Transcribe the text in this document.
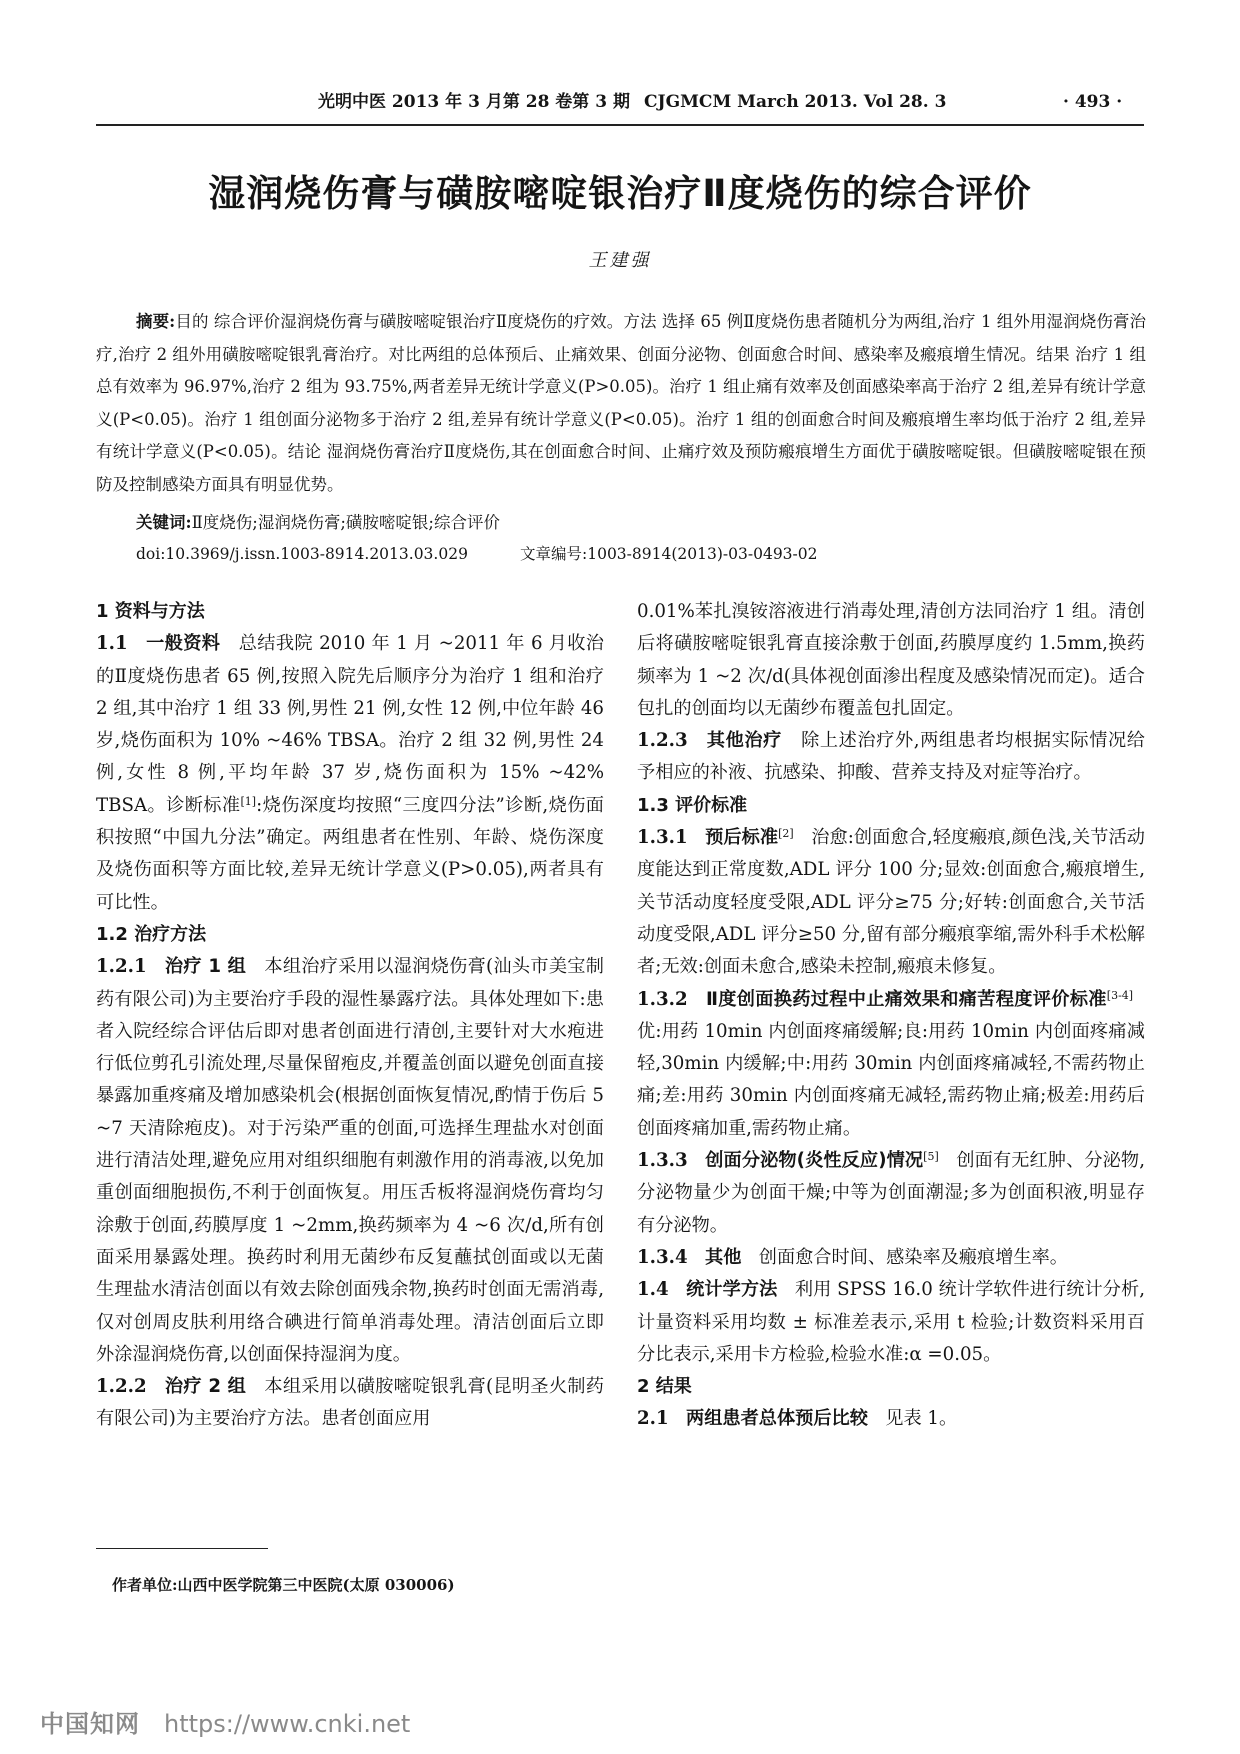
光明中医 2013 年 3 月第 28 卷第 3 期 CJGMCM March 2013. Vol 28. 3	· 493 ·
湿润烧伤膏与磺胺嘧啶银治疗Ⅱ度烧伤的综合评价
王建强
摘要:目的 综合评价湿润烧伤膏与磺胺嘧啶银治疗Ⅱ度烧伤的疗效。方法 选择 65 例Ⅱ度烧伤患者随机分为两组,治疗 1 组外用湿润烧伤膏治疗,治疗 2 组外用磺胺嘧啶银乳膏治疗。对比两组的总体预后、止痛效果、创面分泌物、创面愈合时间、感染率及瘢痕增生情况。结果 治疗 1 组总有效率为 96.97%,治疗 2 组为 93.75%,两者差异无统计学意义(P>0.05)。治疗 1 组止痛有效率及创面感染率高于治疗 2 组,差异有统计学意义(P<0.05)。治疗 1 组创面分泌物多于治疗 2 组,差异有统计学意义(P<0.05)。治疗 1 组的创面愈合时间及瘢痕增生率均低于治疗 2 组,差异有统计学意义(P<0.05)。结论 湿润烧伤膏治疗Ⅱ度烧伤,其在创面愈合时间、止痛疗效及预防瘢痕增生方面优于磺胺嘧啶银。但磺胺嘧啶银在预防及控制感染方面具有明显优势。
关键词:Ⅱ度烧伤;湿润烧伤膏;磺胺嘧啶银;综合评价
doi:10.3969/j.issn.1003-8914.2013.03.029	文章编号:1003-8914(2013)-03-0493-02

1 资料与方法

1.1 一般资料 总结我院 2010 年 1 月 ~2011 年 6 月收治的Ⅱ度烧伤患者 65 例,按照入院先后顺序分为治疗 1 组和治疗 2 组,其中治疗 1 组 33 例,男性 21 例,女性 12 例,中位年龄 46 岁,烧伤面积为 10% ~46% TBSA。治疗 2 组 32 例,男性 24 例,女性 8 例,平均年龄 37 岁,烧伤面积为 15% ~42% TBSA。诊断标准[1]:烧伤深度均按照“三度四分法”诊断,烧伤面积按照“中国九分法”确定。两组患者在性别、年龄、烧伤深度及烧伤面积等方面比较,差异无统计学意义(P>0.05),两者具有可比性。

1.2 治疗方法

1.2.1 治疗 1 组 本组治疗采用以湿润烧伤膏(汕头市美宝制药有限公司)为主要治疗手段的湿性暴露疗法。具体处理如下:患者入院经综合评估后即对患者创面进行清创,主要针对大水疱进行低位剪孔引流处理,尽量保留疱皮,并覆盖创面以避免创面直接暴露加重疼痛及增加感染机会(根据创面恢复情况,酌情于伤后 5 ~7 天清除疱皮)。对于污染严重的创面,可选择生理盐水对创面进行清洁处理,避免应用对组织细胞有刺激作用的消毒液,以免加重创面细胞损伤,不利于创面恢复。用压舌板将湿润烧伤膏均匀涂敷于创面,药膜厚度 1 ~2mm,换药频率为 4 ~6 次/d,所有创面采用暴露处理。换药时利用无菌纱布反复蘸拭创面或以无菌生理盐水清洁创面以有效去除创面残余物,换药时创面无需消毒,仅对创周皮肤利用络合碘进行简单消毒处理。清洁创面后立即外涂湿润烧伤膏,以创面保持湿润为度。

1.2.2 治疗 2 组 本组采用以磺胺嘧啶银乳膏(昆明圣火制药有限公司)为主要治疗方法。患者创面应用

0.01%苯扎溴铵溶液进行消毒处理,清创方法同治疗 1 组。清创后将磺胺嘧啶银乳膏直接涂敷于创面,药膜厚度约 1.5mm,换药频率为 1 ~2 次/d(具体视创面渗出程度及感染情况而定)。适合包扎的创面均以无菌纱布覆盖包扎固定。

1.2.3 其他治疗 除上述治疗外,两组患者均根据实际情况给予相应的补液、抗感染、抑酸、营养支持及对症等治疗。

1.3 评价标准

1.3.1 预后标准[2] 治愈:创面愈合,轻度瘢痕,颜色浅,关节活动度能达到正常度数,ADL 评分 100 分;显效:创面愈合,瘢痕增生,关节活动度轻度受限,ADL 评分≥75 分;好转:创面愈合,关节活动度受限,ADL 评分≥50 分,留有部分瘢痕挛缩,需外科手术松解者;无效:创面未愈合,感染未控制,瘢痕未修复。

1.3.2 Ⅱ度创面换药过程中止痛效果和痛苦程度评价标准[3-4]   优:用药 10min 内创面疼痛缓解;良:用药 10min 内创面疼痛减轻,30min 内缓解;中:用药 30min 内创面疼痛减轻,不需药物止痛;差:用药 30min 内创面疼痛无减轻,需药物止痛;极差:用药后创面疼痛加重,需药物止痛。

1.3.3 创面分泌物(炎性反应)情况[5] 创面有无红肿、分泌物,分泌物量少为创面干燥;中等为创面潮湿;多为创面积液,明显存有分泌物。

1.3.4 其他 创面愈合时间、感染率及瘢痕增生率。

1.4 统计学方法 利用 SPSS 16.0 统计学软件进行统计分析,计量资料采用均数 ± 标准差表示,采用 t 检验;计数资料采用百分比表示,采用卡方检验,检验水准:α =0.05。

2 结果

2.1 两组患者总体预后比较 见表 1。

作者单位:山西中医学院第三中医院(太原 030006)
中国知网 https://www.cnki.net
